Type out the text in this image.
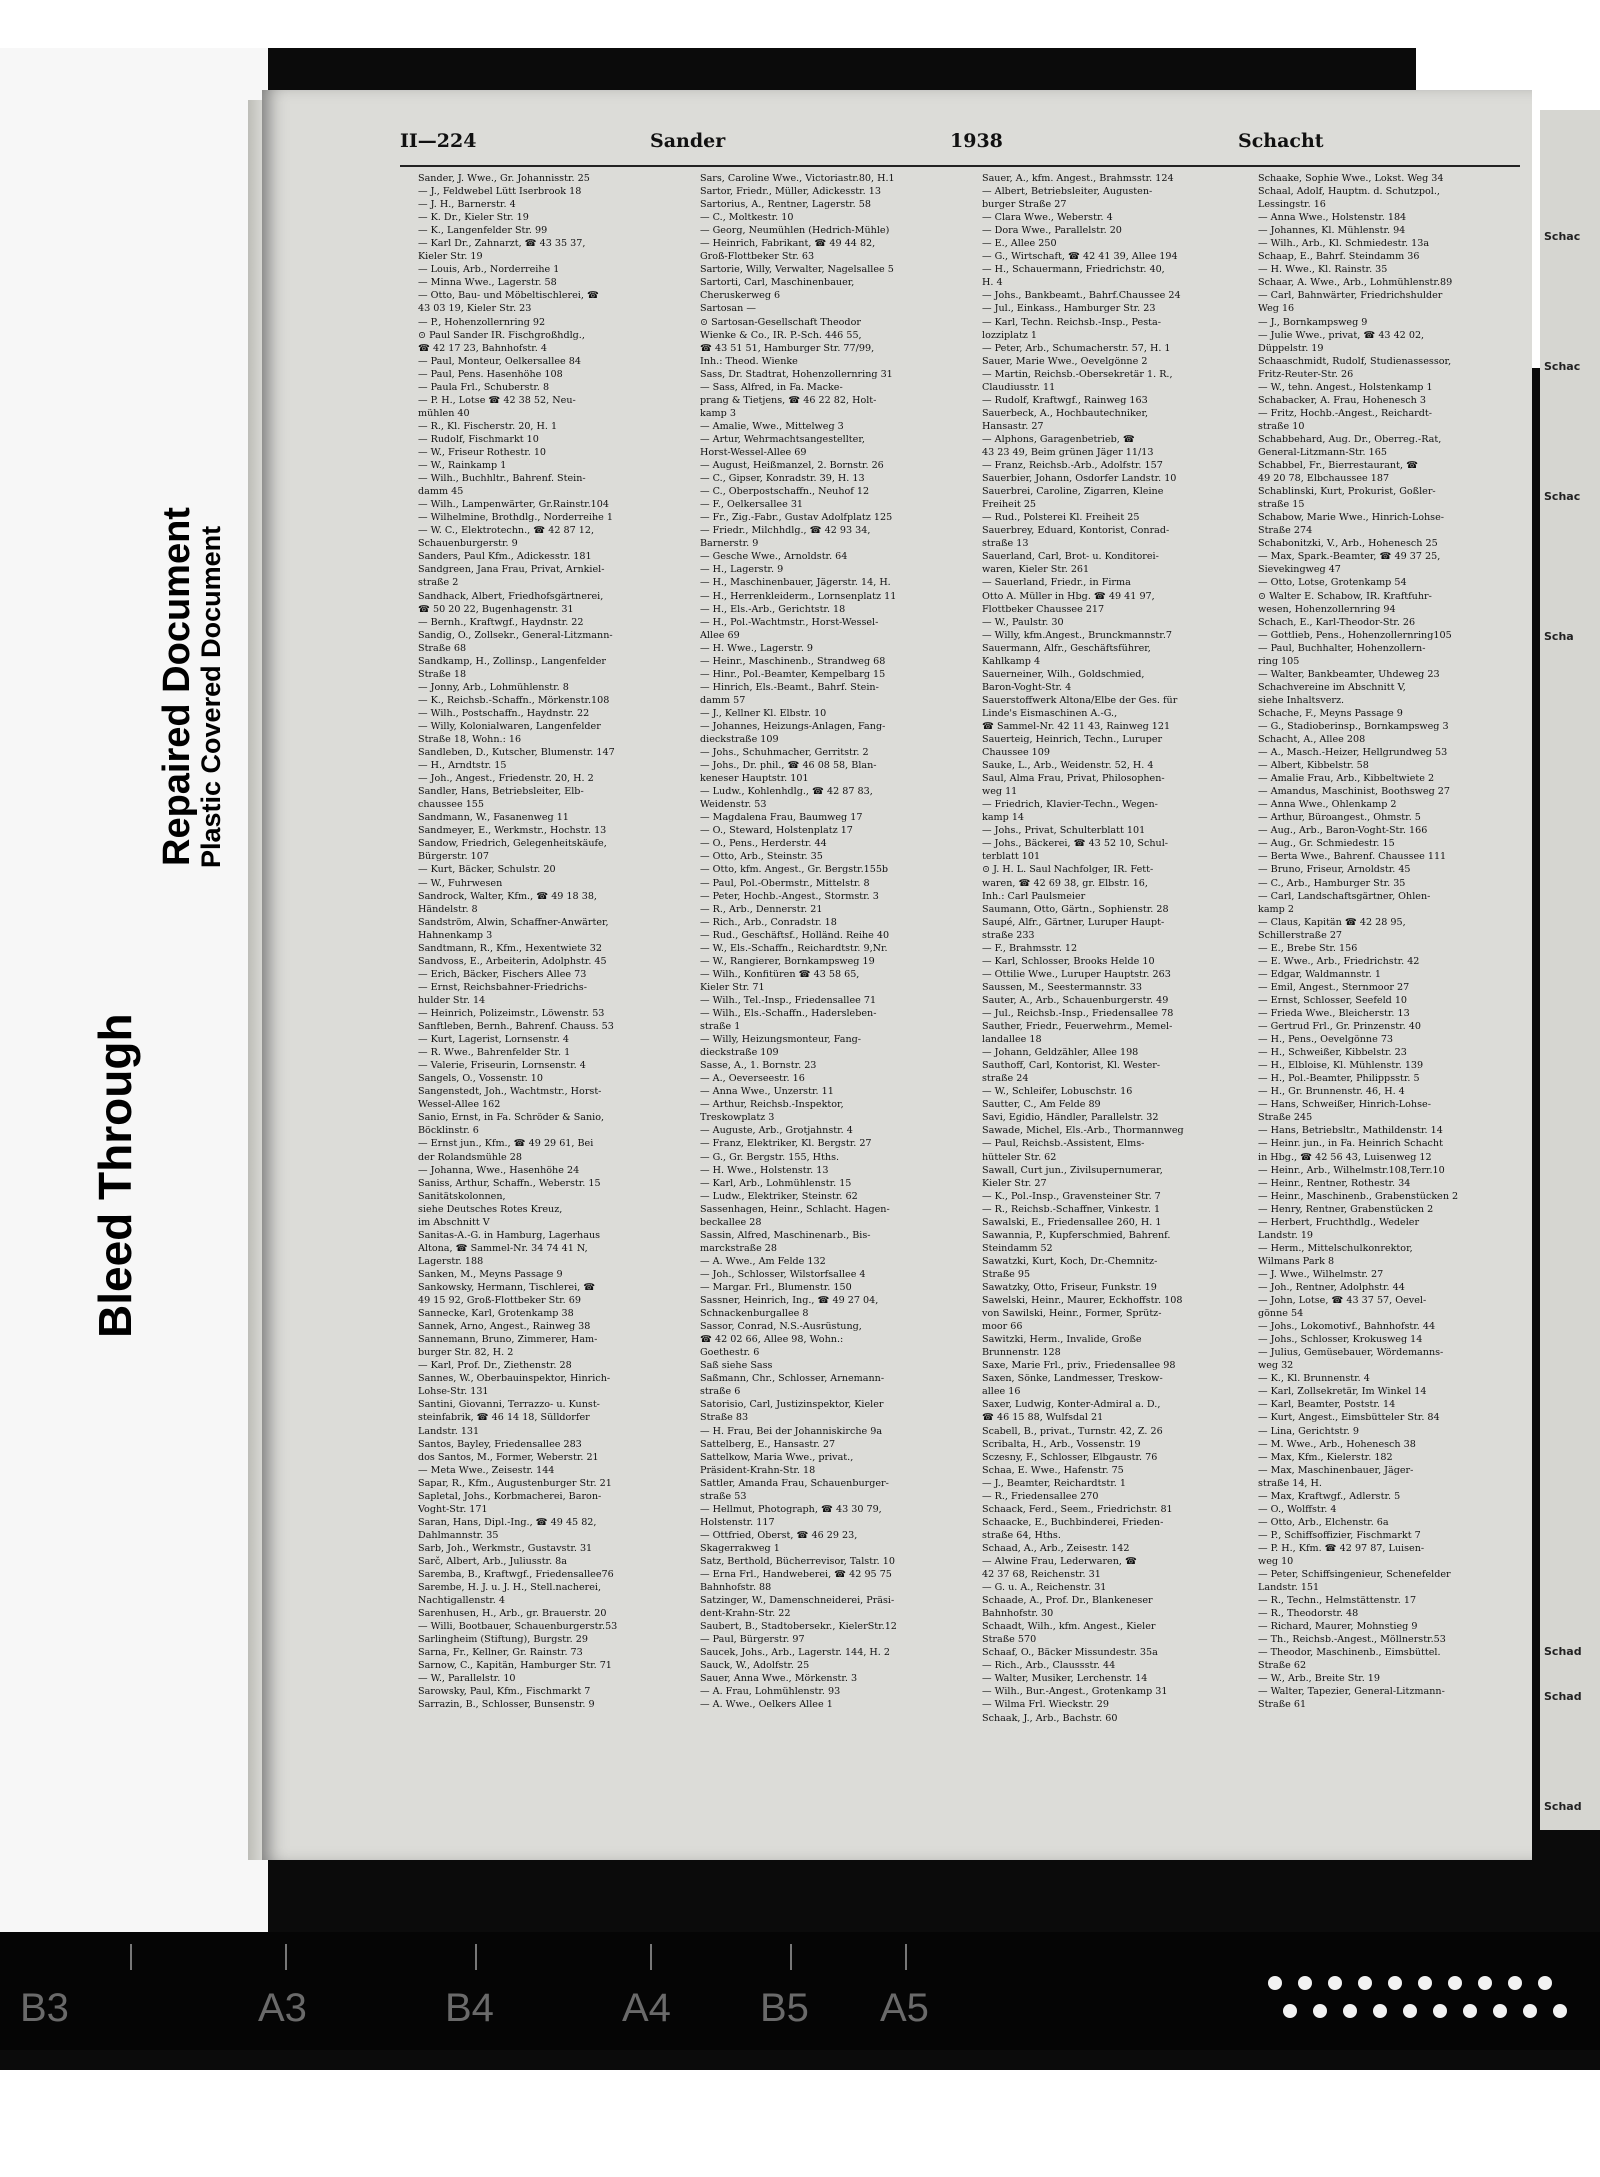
Schac
Schac
Schac
Scha
Schad
Schad
Schad
II—224	Sander	1938	Schacht
Sander, J. Wwe., Gr. Johannisstr. 25
— J., Feldwebel Lütt Iserbrook 18
— J. H., Barnerstr. 4
— K. Dr., Kieler Str. 19
— K., Langenfelder Str. 99
— Karl Dr., Zahnarzt, ☎ 43 35 37,
Kieler Str. 19
— Louis, Arb., Norderreihe 1
— Minna Wwe., Lagerstr. 58
— Otto, Bau- und Möbeltischlerei, ☎
43 03 19, Kieler Str. 23
— P., Hohenzollernring 92
⊙ Paul Sander IR. Fischgroßhdlg.,
☎ 42 17 23, Bahnhofstr. 4
— Paul, Monteur, Oelkersallee 84
— Paul, Pens. Hasenhöhe 108
— Paula Frl., Schuberstr. 8
— P. H., Lotse ☎ 42 38 52, Neu-
mühlen 40
— R., Kl. Fischerstr. 20, H. 1
— Rudolf, Fischmarkt 10
— W., Friseur Rothestr. 10
— W., Rainkamp 1
— Wilh., Buchhltr., Bahrenf. Stein-
damm 45
— Wilh., Lampenwärter, Gr.Rainstr.104
— Wilhelmine, Brothdlg., Norderreihe 1
— W. C., Elektrotechn., ☎ 42 87 12,
Schauenburgerstr. 9
Sanders, Paul Kfm., Adickesstr. 181
Sandgreen, Jana Frau, Privat, Arnkiel-
straße 2
Sandhack, Albert, Friedhofsgärtnerei,
☎ 50 20 22, Bugenhagenstr. 31
— Bernh., Kraftwgf., Haydnstr. 22
Sandig, O., Zollsekr., General-Litzmann-
Straße 68
Sandkamp, H., Zollinsp., Langenfelder
Straße 18
— Jonny, Arb., Lohmühlenstr. 8
— K., Reichsb.-Schaffn., Mörkenstr.108
— Wilh., Postschaffn., Haydnstr. 22
— Willy, Kolonialwaren, Langenfelder
Straße 18, Wohn.: 16
Sandleben, D., Kutscher, Blumenstr. 147
— H., Arndtstr. 15
— Joh., Angest., Friedenstr. 20, H. 2
Sandler, Hans, Betriebsleiter, Elb-
chaussee 155
Sandmann, W., Fasanenweg 11
Sandmeyer, E., Werkmstr., Hochstr. 13
Sandow, Friedrich, Gelegenheitskäufe,
Bürgerstr. 107
— Kurt, Bäcker, Schulstr. 20
— W., Fuhrwesen
Sandrock, Walter, Kfm., ☎ 49 18 38,
Händelstr. 8
Sandström, Alwin, Schaffner-Anwärter,
Hahnenkamp 3
Sandtmann, R., Kfm., Hexentwiete 32
Sandvoss, E., Arbeiterin, Adolphstr. 45
— Erich, Bäcker, Fischers Allee 73
— Ernst, Reichsbahner-Friedrichs-
hulder Str. 14
— Heinrich, Polizeimstr., Löwenstr. 53
Sanftleben, Bernh., Bahrenf. Chauss. 53
— Kurt, Lagerist, Lornsenstr. 4
— R. Wwe., Bahrenfelder Str. 1
— Valerie, Friseurin, Lornsenstr. 4
Sangels, O., Vossenstr. 10
Sangenstedt, Joh., Wachtmstr., Horst-
Wessel-Allee 162
Sanio, Ernst, in Fa. Schröder & Sanio,
Böcklinstr. 6
— Ernst jun., Kfm., ☎ 49 29 61, Bei
der Rolandsmühle 28
— Johanna, Wwe., Hasenhöhe 24
Saniss, Arthur, Schaffn., Weberstr. 15
Sanitätskolonnen,
siehe Deutsches Rotes Kreuz,
im Abschnitt V
Sanitas-A.-G. in Hamburg, Lagerhaus
Altona, ☎ Sammel-Nr. 34 74 41 N,
Lagerstr. 188
Sanken, M., Meyns Passage 9
Sankowsky, Hermann, Tischlerei, ☎
49 15 92, Groß-Flottbeker Str. 69
Sannecke, Karl, Grotenkamp 38
Sannek, Arno, Angest., Rainweg 38
Sannemann, Bruno, Zimmerer, Ham-
burger Str. 82, H. 2
— Karl, Prof. Dr., Ziethenstr. 28
Sannes, W., Oberbauinspektor, Hinrich-
Lohse-Str. 131
Santini, Giovanni, Terrazzo- u. Kunst-
steinfabrik, ☎ 46 14 18, Sülldorfer
Landstr. 131
Santos, Bayley, Friedensallee 283
dos Santos, M., Former, Weberstr. 21
— Meta Wwe., Zeisestr. 144
Sapar, R., Kfm., Augustenburger Str. 21
Sapletal, Johs., Korbmacherei, Baron-
Voght-Str. 171
Saran, Hans, Dipl.-Ing., ☎ 49 45 82,
Dahlmannstr. 35
Sarb, Joh., Werkmstr., Gustavstr. 31
Sarč, Albert, Arb., Juliusstr. 8a
Saremba, B., Kraftwgf., Friedensallee76
Sarembe, H. J. u. J. H., Stell.nacherei,
Nachtigallenstr. 4
Sarenhusen, H., Arb., gr. Brauerstr. 20
— Willi, Bootbauer, Schauenburgerstr.53
Sarlingheim (Stiftung), Burgstr. 29
Sarna, Fr., Kellner, Gr. Rainstr. 73
Sarnow, C., Kapitän, Hamburger Str. 71
— W., Parallelstr. 10
Sarowsky, Paul, Kfm., Fischmarkt 7
Sarrazin, B., Schlosser, Bunsenstr. 9
Sars, Caroline Wwe., Victoriastr.80, H.1
Sartor, Friedr., Müller, Adickesstr. 13
Sartorius, A., Rentner, Lagerstr. 58
— C., Moltkestr. 10
— Georg, Neumühlen (Hedrich-Mühle)
— Heinrich, Fabrikant, ☎ 49 44 82,
Groß-Flottbeker Str. 63
Sartorie, Willy, Verwalter, Nagelsallee 5
Sartorti, Carl, Maschinenbauer,
Cheruskerweg 6
Sartosan —
⊙ Sartosan-Gesellschaft Theodor
Wienke & Co., IR. P.-Sch. 446 55,
☎ 43 51 51, Hamburger Str. 77/99,
Inh.: Theod. Wienke
Sass, Dr. Stadtrat, Hohenzollernring 31
— Sass, Alfred, in Fa. Macke-
prang & Tietjens, ☎ 46 22 82, Holt-
kamp 3
— Amalie, Wwe., Mittelweg 3
— Artur, Wehrmachtsangestellter,
Horst-Wessel-Allee 69
— August, Heißmanzel, 2. Bornstr. 26
— C., Gipser, Konradstr. 39, H. 13
— C., Oberpostschaffn., Neuhof 12
— F., Oelkersallee 31
— Fr., Zig.-Fabr., Gustav Adolfplatz 125
— Friedr., Milchhdlg., ☎ 42 93 34,
Barnerstr. 9
— Gesche Wwe., Arnoldstr. 64
— H., Lagerstr. 9
— H., Maschinenbauer, Jägerstr. 14, H.
— H., Herrenkleiderm., Lornsenplatz 11
— H., Els.-Arb., Gerichtstr. 18
— H., Pol.-Wachtmstr., Horst-Wessel-
Allee 69
— H. Wwe., Lagerstr. 9
— Heinr., Maschinenb., Strandweg 68
— Hinr., Pol.-Beamter, Kempelbarg 15
— Hinrich, Els.-Beamt., Bahrf. Stein-
damm 57
— J., Kellner Kl. Elbstr. 10
— Johannes, Heizungs-Anlagen, Fang-
dieckstraße 109
— Johs., Schuhmacher, Gerritstr. 2
— Johs., Dr. phil., ☎ 46 08 58, Blan-
keneser Hauptstr. 101
— Ludw., Kohlenhdlg., ☎ 42 87 83,
Weidenstr. 53
— Magdalena Frau, Baumweg 17
— O., Steward, Holstenplatz 17
— O., Pens., Herderstr. 44
— Otto, Arb., Steinstr. 35
— Otto, kfm. Angest., Gr. Bergstr.155b
— Paul, Pol.-Obermstr., Mittelstr. 8
— Peter, Hochb.-Angest., Stormstr. 3
— R., Arb., Dennerstr. 21
— Rich., Arb., Conradstr. 18
— Rud., Geschäftsf., Holländ. Reihe 40
— W., Els.-Schaffn., Reichardtstr. 9,Nr.
— W., Rangierer, Bornkampsweg 19
— Wilh., Konfitüren ☎ 43 58 65,
Kieler Str. 71
— Wilh., Tel.-Insp., Friedensallee 71
— Wilh., Els.-Schaffn., Hadersleben-
straße 1
— Willy, Heizungsmonteur, Fang-
dieckstraße 109
Sasse, A., 1. Bornstr. 23
— A., Oeverseestr. 16
— Anna Wwe., Unzerstr. 11
— Arthur, Reichsb.-Inspektor,
Treskowplatz 3
— Auguste, Arb., Grotjahnstr. 4
— Franz, Elektriker, Kl. Bergstr. 27
— G., Gr. Bergstr. 155, Hths.
— H. Wwe., Holstenstr. 13
— Karl, Arb., Lohmühlenstr. 15
— Ludw., Elektriker, Steinstr. 62
Sassenhagen, Heinr., Schlacht. Hagen-
beckallee 28
Sassin, Alfred, Maschinenarb., Bis-
marckstraße 28
— A. Wwe., Am Felde 132
— Joh., Schlosser, Wilstorfsallee 4
— Margar. Frl., Blumenstr. 150
Sassner, Heinrich, Ing., ☎ 49 27 04,
Schnackenburgallee 8
Sassor, Conrad, N.S.-Ausrüstung,
☎ 42 02 66, Allee 98, Wohn.:
Goethestr. 6
Saß siehe Sass
Saßmann, Chr., Schlosser, Arnemann-
straße 6
Satorisio, Carl, Justizinspektor, Kieler
Straße 83
— H. Frau, Bei der Johanniskirche 9a
Sattelberg, E., Hansastr. 27
Sattelkow, Maria Wwe., privat.,
Präsident-Krahn-Str. 18
Sattler, Amanda Frau, Schauenburger-
straße 53
— Hellmut, Photograph, ☎ 43 30 79,
Holstenstr. 117
— Ottfried, Oberst, ☎ 46 29 23,
Skagerrakweg 1
Satz, Berthold, Bücherrevisor, Talstr. 10
— Erna Frl., Handweberei, ☎ 42 95 75
Bahnhofstr. 88
Satzinger, W., Damenschneiderei, Präsi-
dent-Krahn-Str. 22
Saubert, B., Stadtobersekr., KielerStr.12
— Paul, Bürgerstr. 97
Saucek, Johs., Arb., Lagerstr. 144, H. 2
Sauck, W., Adolfstr. 25
Sauer, Anna Wwe., Mörkenstr. 3
— A. Frau, Lohmühlenstr. 93
— A. Wwe., Oelkers Allee 1
Sauer, A., kfm. Angest., Brahmsstr. 124
— Albert, Betriebsleiter, Augusten-
burger Straße 27
— Clara Wwe., Weberstr. 4
— Dora Wwe., Parallelstr. 20
— E., Allee 250
— G., Wirtschaft, ☎ 42 41 39, Allee 194
— H., Schauermann, Friedrichstr. 40,
H. 4
— Johs., Bankbeamt., Bahrf.Chaussee 24
— Jul., Einkass., Hamburger Str. 23
— Karl, Techn. Reichsb.-Insp., Pesta-
lozziplatz 1
— Peter, Arb., Schumacherstr. 57, H. 1
Sauer, Marie Wwe., Oevelgönne 2
— Martin, Reichsb.-Obersekretär 1. R.,
Claudiusstr. 11
— Rudolf, Kraftwgf., Rainweg 163
Sauerbeck, A., Hochbautechniker,
Hansastr. 27
— Alphons, Garagenbetrieb, ☎
43 23 49, Beim grünen Jäger 11/13
— Franz, Reichsb.-Arb., Adolfstr. 157
Sauerbier, Johann, Osdorfer Landstr. 10
Sauerbrei, Caroline, Zigarren, Kleine
Freiheit 25
— Rud., Polsterei Kl. Freiheit 25
Sauerbrey, Eduard, Kontorist, Conrad-
straße 13
Sauerland, Carl, Brot- u. Konditorei-
waren, Kieler Str. 261
— Sauerland, Friedr., in Firma
Otto A. Müller in Hbg. ☎ 49 41 97,
Flottbeker Chaussee 217
— W., Paulstr. 30
— Willy, kfm.Angest., Brunckmannstr.7
Sauermann, Alfr., Geschäftsführer,
Kahlkamp 4
Sauerneiner, Wilh., Goldschmied,
Baron-Voght-Str. 4
Sauerstoffwerk Altona/Elbe der Ges. für
Linde's Eismaschinen A.-G.,
☎ Sammel-Nr. 42 11 43, Rainweg 121
Sauerteig, Heinrich, Techn., Luruper
Chaussee 109
Sauke, L., Arb., Weidenstr. 52, H. 4
Saul, Alma Frau, Privat, Philosophen-
weg 11
— Friedrich, Klavier-Techn., Wegen-
kamp 14
— Johs., Privat, Schulterblatt 101
— Johs., Bäckerei, ☎ 43 52 10, Schul-
terblatt 101
⊙ J. H. L. Saul Nachfolger, IR. Fett-
waren, ☎ 42 69 38, gr. Elbstr. 16,
Inh.: Carl Paulsmeier
Saumann, Otto, Gärtn., Sophienstr. 28
Saupé, Alfr., Gärtner, Luruper Haupt-
straße 233
— F., Brahmsstr. 12
— Karl, Schlosser, Brooks Helde 10
— Ottilie Wwe., Luruper Hauptstr. 263
Saussen, M., Seestermannstr. 33
Sauter, A., Arb., Schauenburgerstr. 49
— Jul., Reichsb.-Insp., Friedensallee 78
Sauther, Friedr., Feuerwehrm., Memel-
landallee 18
— Johann, Geldzähler, Allee 198
Sauthoff, Carl, Kontorist, Kl. Wester-
straße 24
— W., Schleifer, Lobuschstr. 16
Sautter, C., Am Felde 89
Savi, Egidio, Händler, Parallelstr. 32
Sawade, Michel, Els.-Arb., Thormannweg
— Paul, Reichsb.-Assistent, Elms-
hütteler Str. 62
Sawall, Curt jun., Zivilsupernumerar,
Kieler Str. 27
— K., Pol.-Insp., Gravensteiner Str. 7
— R., Reichsb.-Schaffner, Vinkestr. 1
Sawalski, E., Friedensallee 260, H. 1
Sawannia, P., Kupferschmied, Bahrenf.
Steindamm 52
Sawatzki, Kurt, Koch, Dr.-Chemnitz-
Straße 95
Sawatzky, Otto, Friseur, Funkstr. 19
Sawelski, Heinr., Maurer, Eckhoffstr. 108
von Sawilski, Heinr., Former, Sprütz-
moor 66
Sawitzki, Herm., Invalide, Große
Brunnenstr. 128
Saxe, Marie Frl., priv., Friedensallee 98
Saxen, Sönke, Landmesser, Treskow-
allee 16
Saxer, Ludwig, Konter-Admiral a. D.,
☎ 46 15 88, Wulfsdal 21
Scabell, B., privat., Turnstr. 42, Z. 26
Scribalta, H., Arb., Vossenstr. 19
Sczesny, F., Schlosser, Elbgaustr. 76
Schaa, E. Wwe., Hafenstr. 75
— J., Beamter, Reichardtstr. 1
— R., Friedensallee 270
Schaack, Ferd., Seem., Friedrichstr. 81
Schaacke, E., Buchbinderei, Frieden-
straße 64, Hths.
Schaad, A., Arb., Zeisestr. 142
— Alwine Frau, Lederwaren, ☎
42 37 68, Reichenstr. 31
— G. u. A., Reichenstr. 31
Schaade, A., Prof. Dr., Blankeneser
Bahnhofstr. 30
Schaadt, Wilh., kfm. Angest., Kieler
Straße 570
Schaaf, O., Bäcker Missundestr. 35a
— Rich., Arb., Claussstr. 44
— Walter, Musiker, Lerchenstr. 14
— Wilh., Bur.-Angest., Grotenkamp 31
— Wilma Frl. Wieckstr. 29
Schaak, J., Arb., Bachstr. 60
Schaake, Sophie Wwe., Lokst. Weg 34
Schaal, Adolf, Hauptm. d. Schutzpol.,
Lessingstr. 16
— Anna Wwe., Holstenstr. 184
— Johannes, Kl. Mühlenstr. 94
— Wilh., Arb., Kl. Schmiedestr. 13a
Schaap, E., Bahrf. Steindamm 36
— H. Wwe., Kl. Rainstr. 35
Schaar, A. Wwe., Arb., Lohmühlenstr.89
— Carl, Bahnwärter, Friedrichshulder
Weg 16
— J., Bornkampsweg 9
— Julie Wwe., privat, ☎ 43 42 02,
Düppelstr. 19
Schaaschmidt, Rudolf, Studienassessor,
Fritz-Reuter-Str. 26
— W., tehn. Angest., Holstenkamp 1
Schabacker, A. Frau, Hohenesch 3
— Fritz, Hochb.-Angest., Reichardt-
straße 10
Schabbehard, Aug. Dr., Oberreg.-Rat,
General-Litzmann-Str. 165
Schabbel, Fr., Bierrestaurant, ☎
49 20 78, Elbchaussee 187
Schablinski, Kurt, Prokurist, Goßler-
straße 15
Schabow, Marie Wwe., Hinrich-Lohse-
Straße 274
Schabonitzki, V., Arb., Hohenesch 25
— Max, Spark.-Beamter, ☎ 49 37 25,
Sievekingweg 47
— Otto, Lotse, Grotenkamp 54
⊙ Walter E. Schabow, IR. Kraftfuhr-
wesen, Hohenzollernring 94
Schach, E., Karl-Theodor-Str. 26
— Gottlieb, Pens., Hohenzollernring105
— Paul, Buchhalter, Hohenzollern-
ring 105
— Walter, Bankbeamter, Uhdeweg 23
Schachvereine im Abschnitt V,
siehe Inhaltsverz.
Schache, F., Meyns Passage 9
— G., Stadioberinsp., Bornkampsweg 3
Schacht, A., Allee 208
— A., Masch.-Heizer, Hellgrundweg 53
— Albert, Kibbelstr. 58
— Amalie Frau, Arb., Kibbeltwiete 2
— Amandus, Maschinist, Boothsweg 27
— Anna Wwe., Ohlenkamp 2
— Arthur, Büroangest., Ohmstr. 5
— Aug., Arb., Baron-Voght-Str. 166
— Aug., Gr. Schmiedestr. 15
— Berta Wwe., Bahrenf. Chaussee 111
— Bruno, Friseur, Arnoldstr. 45
— C., Arb., Hamburger Str. 35
— Carl, Landschaftsgärtner, Ohlen-
kamp 2
— Claus, Kapitän ☎ 42 28 95,
Schillerstraße 27
— E., Brebe Str. 156
— E. Wwe., Arb., Friedrichstr. 42
— Edgar, Waldmannstr. 1
— Emil, Angest., Sternmoor 27
— Ernst, Schlosser, Seefeld 10
— Frieda Wwe., Bleicherstr. 13
— Gertrud Frl., Gr. Prinzenstr. 40
— H., Pens., Oevelgönne 73
— H., Schweißer, Kibbelstr. 23
— H., Elbloise, Kl. Mühlenstr. 139
— H., Pol.-Beamter, Philippsstr. 5
— H., Gr. Brunnenstr. 46, H. 4
— Hans, Schweißer, Hinrich-Lohse-
Straße 245
— Hans, Betriebsltr., Mathildenstr. 14
— Heinr. jun., in Fa. Heinrich Schacht
in Hbg., ☎ 42 56 43, Luisenweg 12
— Heinr., Arb., Wilhelmstr.108,Terr.10
— Heinr., Rentner, Rothestr. 34
— Heinr., Maschinenb., Grabenstücken 2
— Henry, Rentner, Grabenstücken 2
— Herbert, Fruchthdlg., Wedeler
Landstr. 19
— Herm., Mittelschulkonrektor,
Wilmans Park 8
— J. Wwe., Wilhelmstr. 27
— Joh., Rentner, Adolphstr. 44
— John, Lotse, ☎ 43 37 57, Oevel-
gönne 54
— Johs., Lokomotivf., Bahnhofstr. 44
— Johs., Schlosser, Krokusweg 14
— Julius, Gemüsebauer, Wördemanns-
weg 32
— K., Kl. Brunnenstr. 4
— Karl, Zollsekretär, Im Winkel 14
— Karl, Beamter, Poststr. 14
— Kurt, Angest., Eimsbütteler Str. 84
— Lina, Gerichtstr. 9
— M. Wwe., Arb., Hohenesch 38
— Max, Kfm., Kielerstr. 182
— Max, Maschinenbauer, Jäger-
straße 14, H.
— Max, Kraftwgf., Adlerstr. 5
— O., Wolffstr. 4
— Otto, Arb., Elchenstr. 6a
— P., Schiffsoffizier, Fischmarkt 7
— P. H., Kfm. ☎ 42 97 87, Luisen-
weg 10
— Peter, Schiffsingenieur, Schenefelder
Landstr. 151
— R., Techn., Helmstättenstr. 17
— R., Theodorstr. 48
— Richard, Maurer, Mohnstieg 9
— Th., Reichsb.-Angest., Möllnerstr.53
— Theodor, Maschinenb., Eimsbüttel.
Straße 62
— W., Arb., Breite Str. 19
— Walter, Tapezier, General-Litzmann-
Straße 61
Bleed Through
Repaired Document
Plastic Covered Document
B3	A3	B4	A4 B5 A5
